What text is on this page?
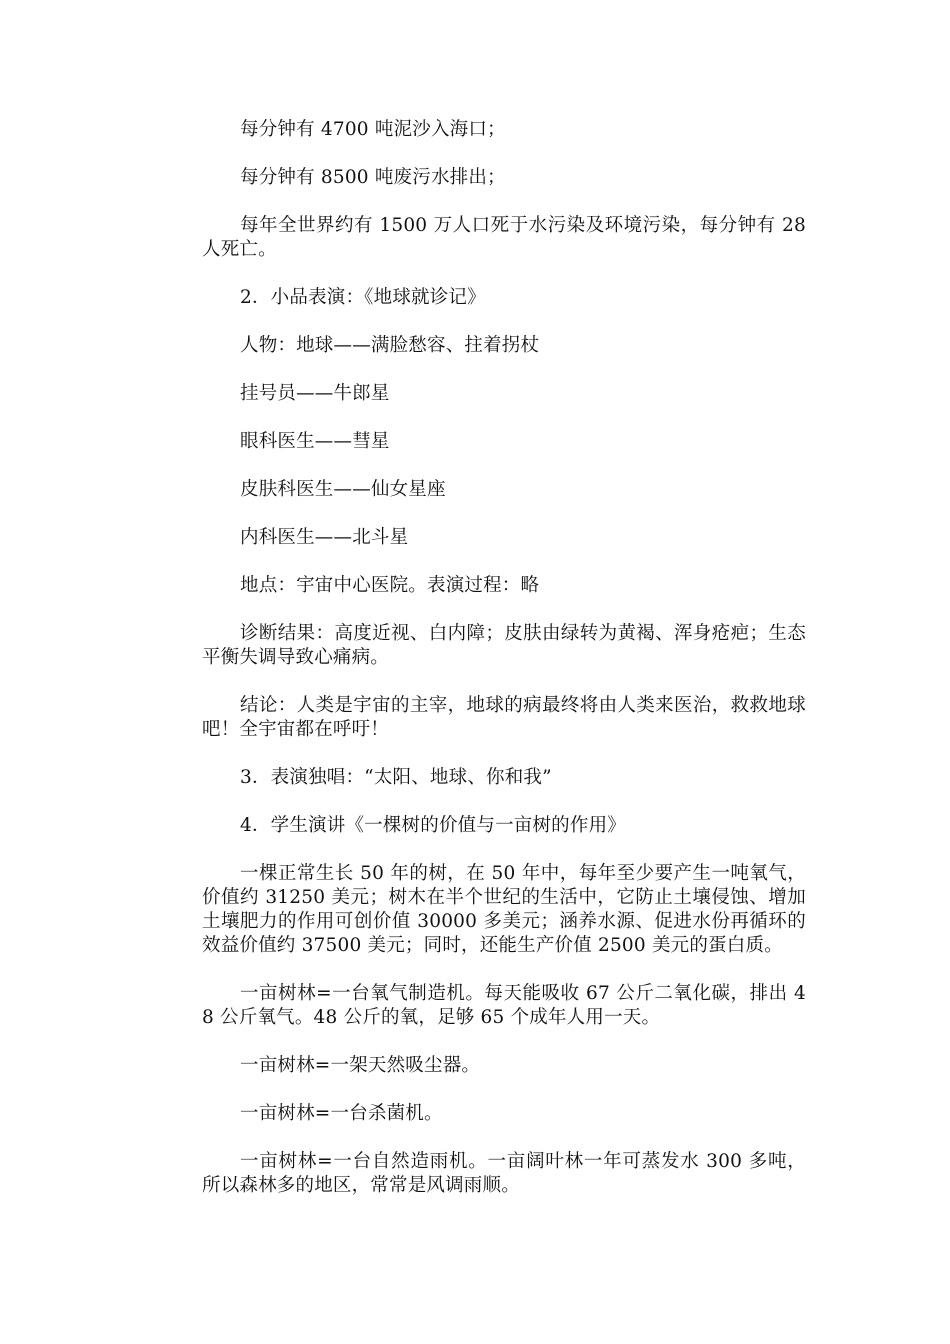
每分钟有 4700 吨泥沙入海口；

每分钟有 8500 吨废污水排出；

每年全世界约有 1500 万人口死于水污染及环境污染，每分钟有 28 人死亡。

2．小品表演：《地球就诊记》

人物：地球——满脸愁容、拄着拐杖

挂号员——牛郎星

眼科医生——彗星

皮肤科医生——仙女星座

内科医生——北斗星

地点：宇宙中心医院。表演过程：略

诊断结果：高度近视、白内障；皮肤由绿转为黄褐、浑身疮疤；生态平衡失调导致心痛病。

结论：人类是宇宙的主宰，地球的病最终将由人类来医治，救救地球吧！全宇宙都在呼吁！

3．表演独唱：“太阳、地球、你和我”

4．学生演讲《一棵树的价值与一亩树的作用》

一棵正常生长 50 年的树，在 50 年中，每年至少要产生一吨氧气，价值约 31250 美元；树木在半个世纪的生活中，它防止土壤侵蚀、增加土壤肥力的作用可创价值 30000 多美元；涵养水源、促进水份再循环的效益价值约 37500 美元；同时，还能生产价值 2500 美元的蛋白质。

一亩树林=一台氧气制造机。每天能吸收 67 公斤二氧化碳，排出 48 公斤氧气。48 公斤的氧，足够 65 个成年人用一天。

一亩树林=一架天然吸尘器。

一亩树林=一台杀菌机。

一亩树林=一台自然造雨机。一亩阔叶林一年可蒸发水 300 多吨，所以森林多的地区，常常是风调雨顺。
